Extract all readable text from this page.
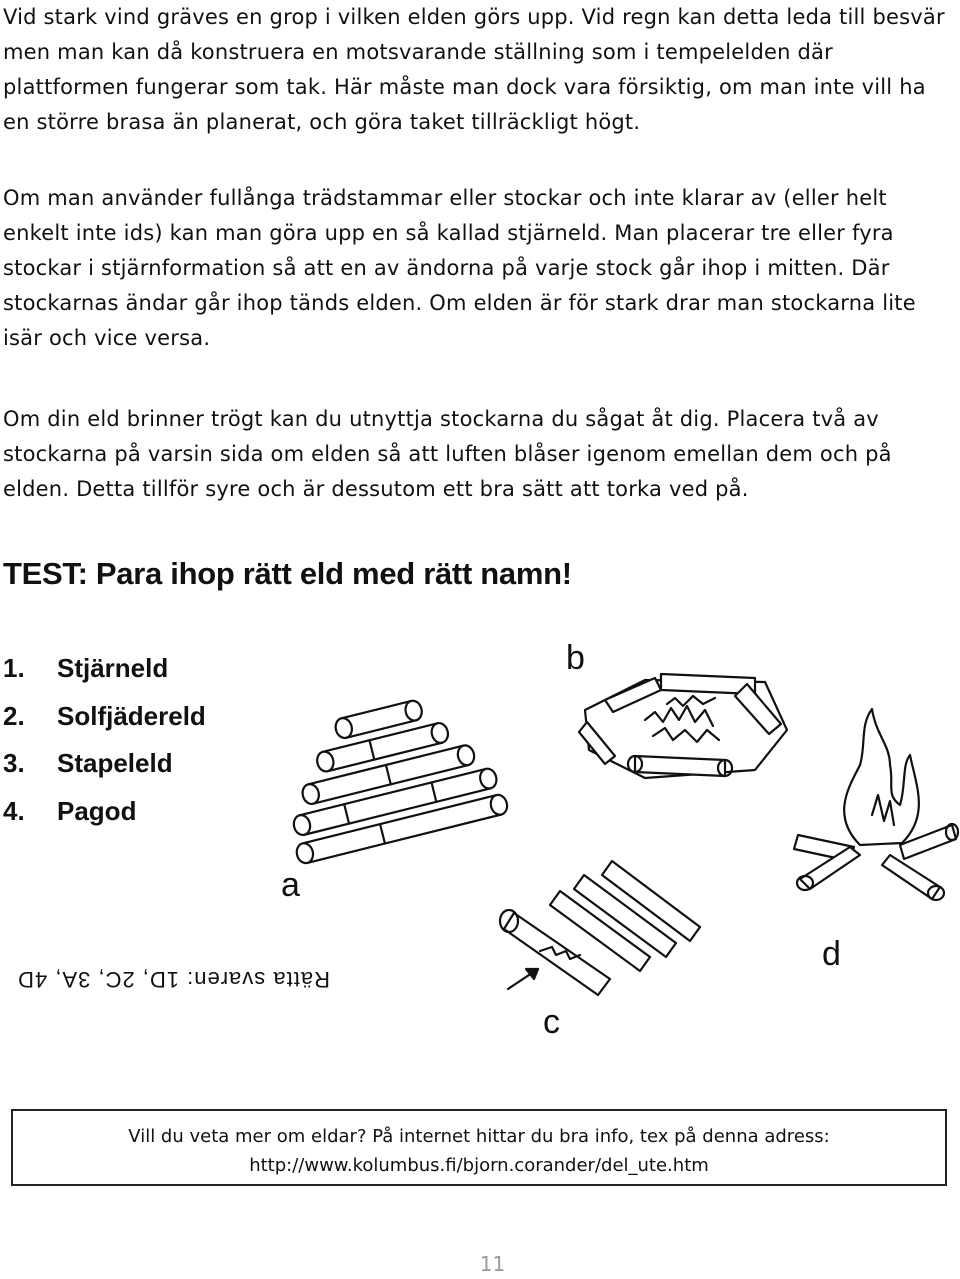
Vid stark vind gräves en grop i vilken elden görs upp. Vid regn kan detta leda till besvär men man kan då konstruera en motsvarande ställning som i tempelelden där plattformen fungerar som tak. Här måste man dock vara försiktig, om man inte vill ha en större brasa än planerat, och göra taket tillräckligt högt.

Om man använder fullånga trädstammar eller stockar och inte klarar av (eller helt enkelt inte ids) kan man göra upp en så kallad stjärneld. Man placerar tre eller fyra stockar i stjärnformation så att en av ändorna på varje stock går ihop i mitten. Där stockarnas ändar går ihop tänds elden. Om elden är för stark drar man stockarna lite isär och vice versa.

Om din eld brinner trögt kan du utnyttja stockarna du sågat åt dig. Placera två av stockarna på varsin sida om elden så att luften blåser igenom emellan dem och på elden. Detta tillför syre och är dessutom ett bra sätt att torka ved på.

TEST: Para ihop rätt eld med rätt namn!
1. Stjärneld
2. Solfjädereld
3. Stapeleld
4. Pagod
a
b
c
d
Rätta svaren: 1D, 2C, 3A, 4D
Vill du veta mer om eldar? På internet hittar du bra info, tex på denna adress:
http://www.kolumbus.fi/bjorn.corander/del_ute.htm
11
